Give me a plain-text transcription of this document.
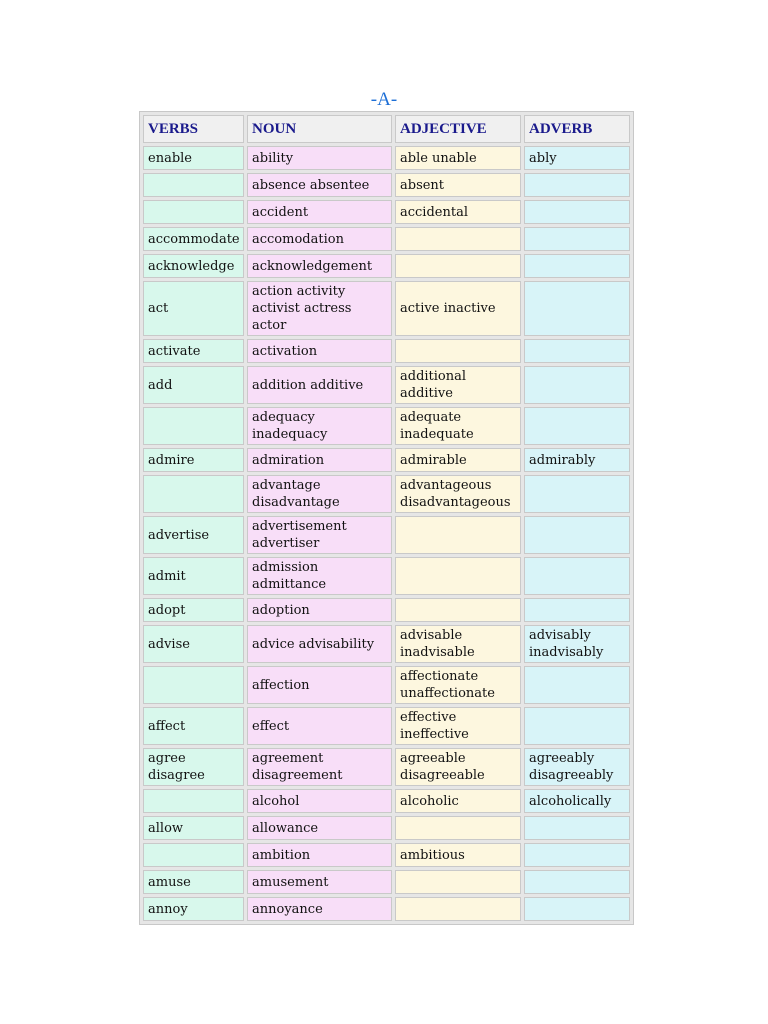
-A-
VERBS	NOUN	ADJECTIVE	ADVERB
enable	ability	able unable	ably
	absence absentee	absent	
	accident	accidental	
accommodate	accomodation		
acknowledge	acknowledgement		
act	action activity activist actress actor	active inactive	
activate	activation		
add	addition additive	additional additive	
	adequacy inadequacy	adequate inadequate	
admire	admiration	admirable	admirably
	advantage disadvantage	advantageous disadvantageous	
advertise	advertisement advertiser		
admit	admission admittance		
adopt	adoption		
advise	advice advisability	advisable inadvisable	advisably inadvisably
	affection	affectionate unaffectionate	
affect	effect	effective ineffective	
agree disagree	agreement disagreement	agreeable disagreeable	agreeably disagreeably
	alcohol	alcoholic	alcoholically
allow	allowance		
	ambition	ambitious	
amuse	amusement		
annoy	annoyance		
